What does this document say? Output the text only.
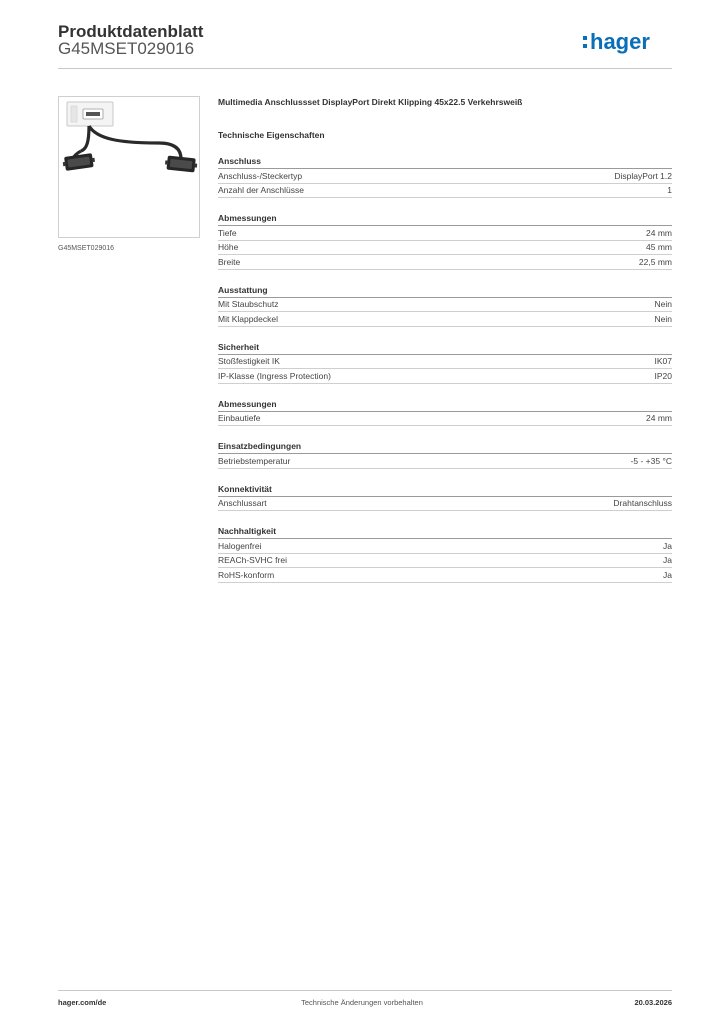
Produktdatenblatt
G45MSET029016	hager
G45MSET029016
Multimedia Anschlussset DisplayPort Direkt Klipping 45x22.5 Verkehrsweiß
Technische Eigenschaften
Anschluss
Anschluss-/Steckertyp	DisplayPort 1.2
Anzahl der Anschlüsse	1
Abmessungen
Tiefe	24 mm
Höhe	45 mm
Breite	22,5 mm
Ausstattung
Mit Staubschutz	Nein
Mit Klappdeckel	Nein
Sicherheit
Stoßfestigkeit IK	IK07
IP-Klasse (Ingress Protection)	IP20
Abmessungen
Einbautiefe	24 mm
Einsatzbedingungen
Betriebstemperatur	-5 - +35 °C
Konnektivität
Anschlussart	Drahtanschluss
Nachhaltigkeit
Halogenfrei	Ja
REACh-SVHC frei	Ja
RoHS-konform	Ja
hager.com/de	Technische Änderungen vorbehalten	20.03.2026
